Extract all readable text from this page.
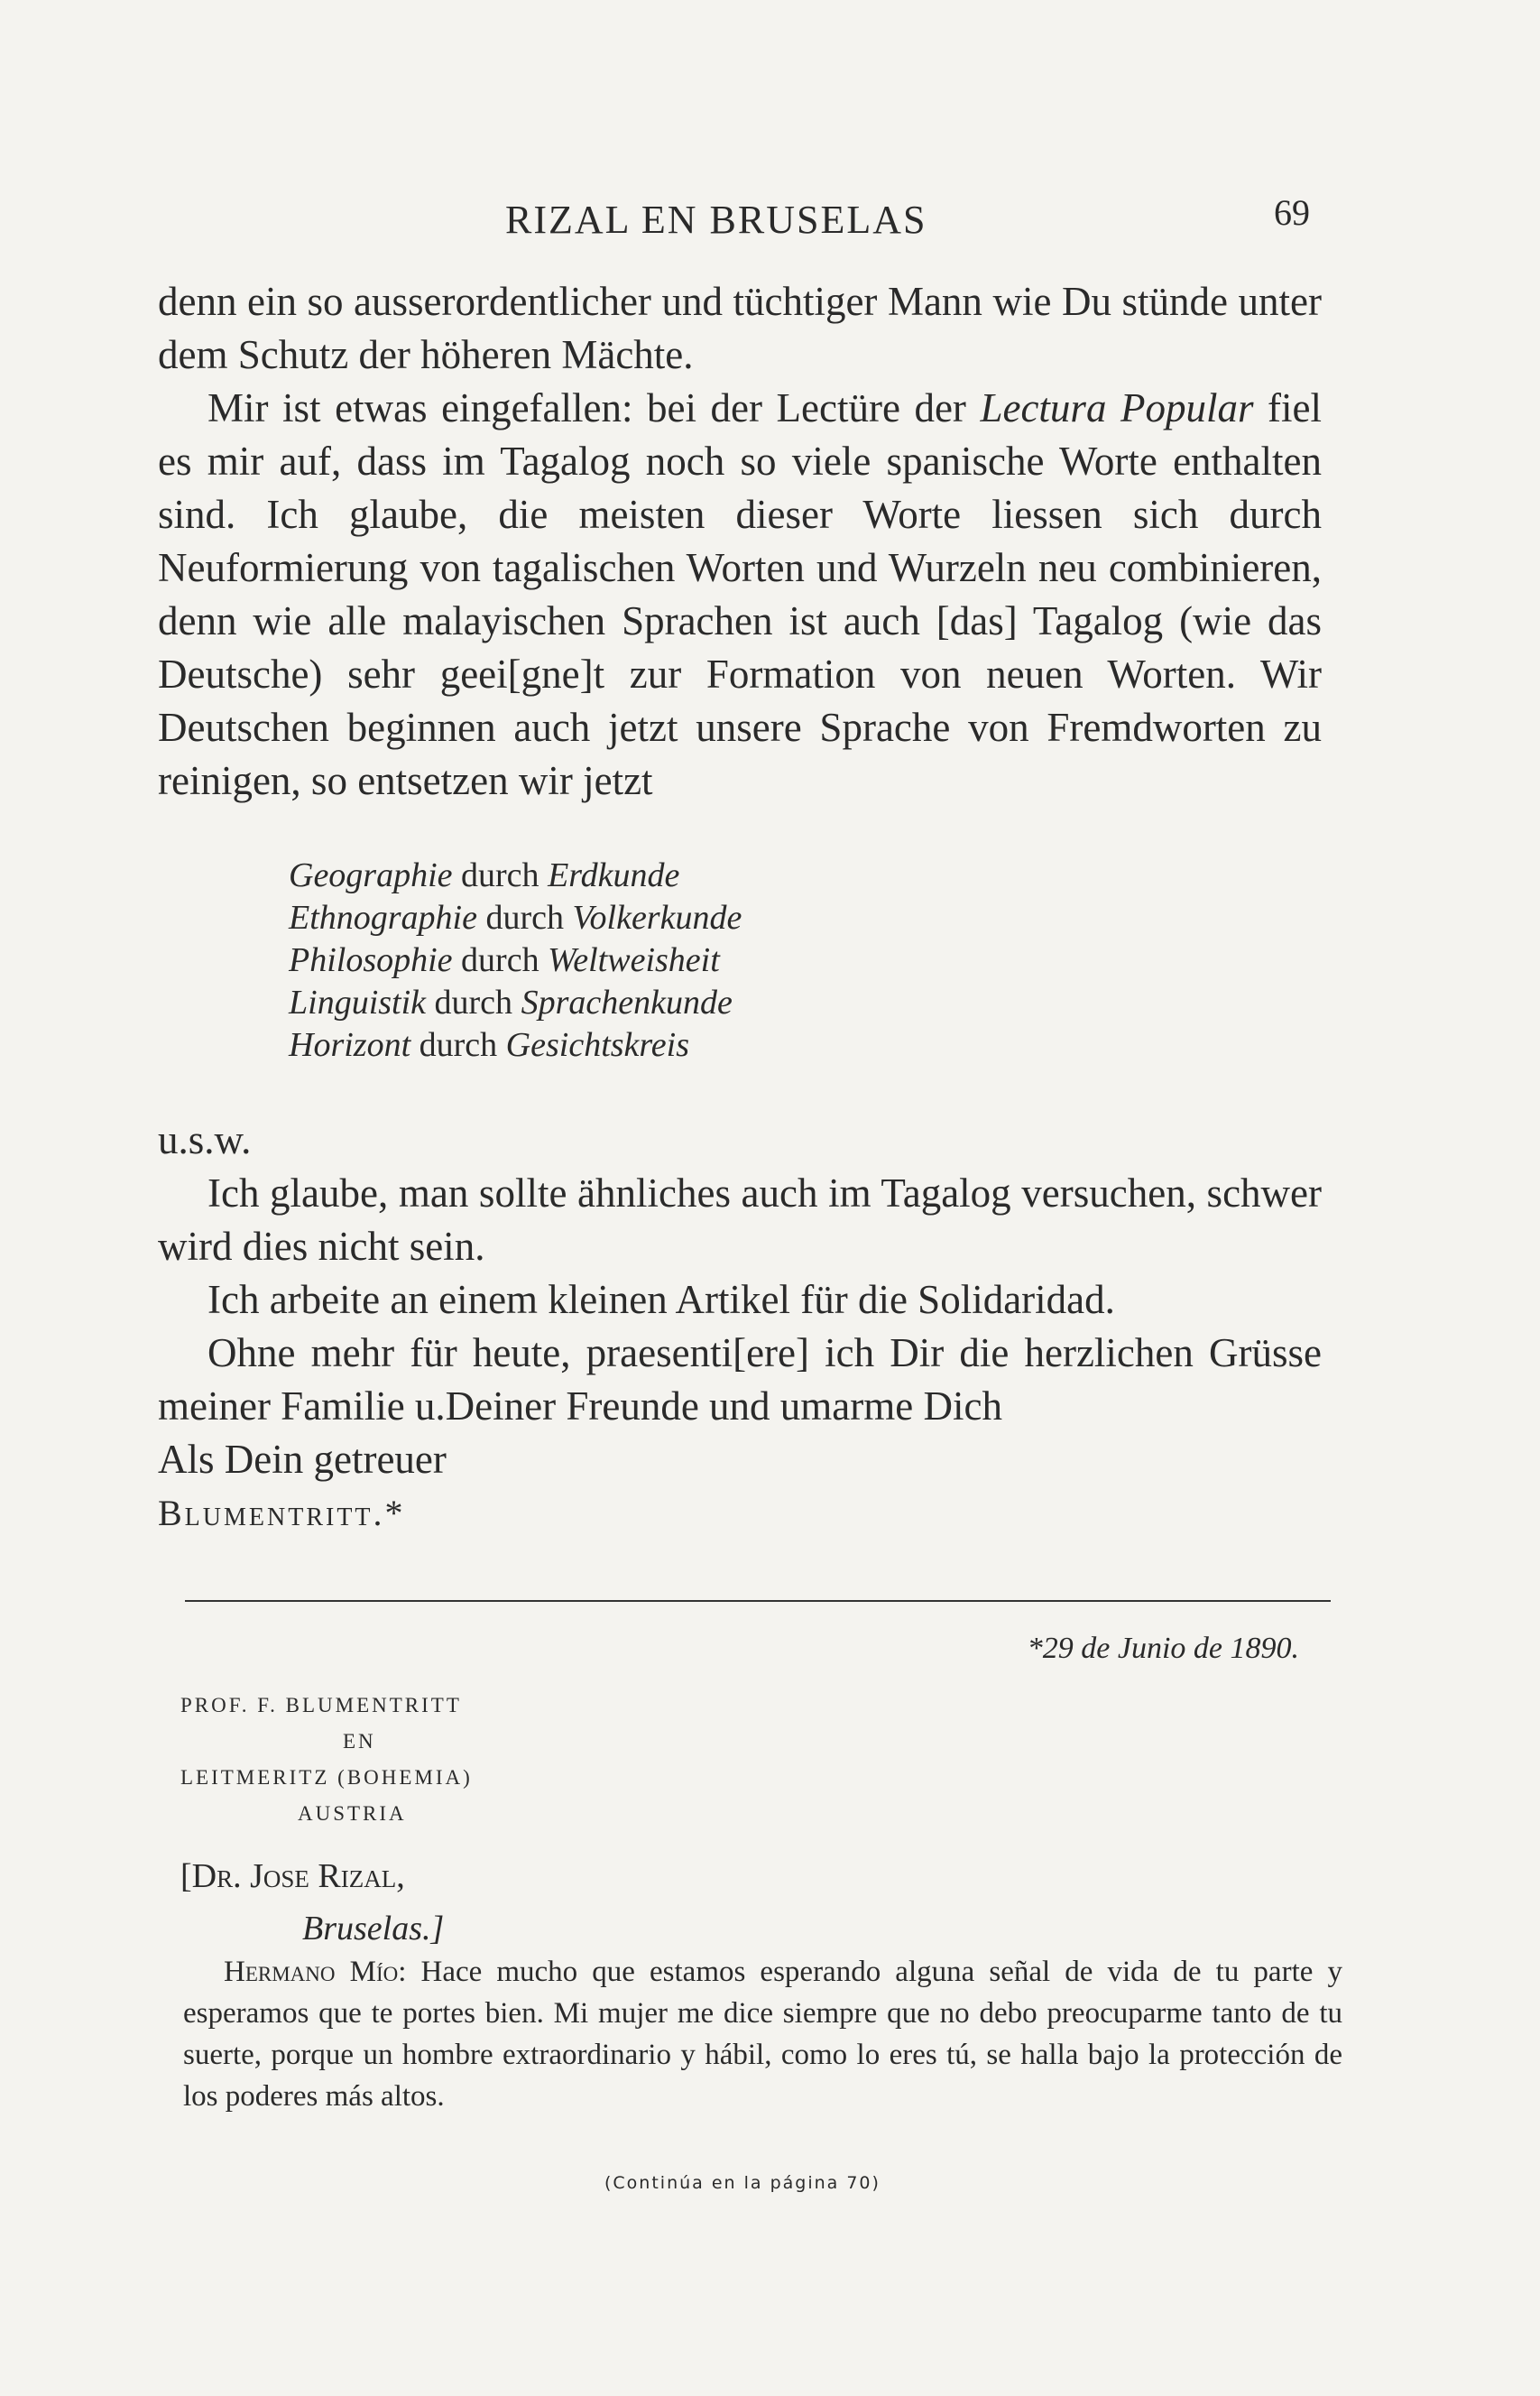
RIZAL EN BRUSELAS	69

denn ein so ausserordentlicher und tüchtiger Mann wie Du stünde unter dem Schutz der höheren Mächte.

Mir ist etwas eingefallen: bei der Lectüre der Lectura Popular fiel es mir auf, dass im Tagalog noch so viele spanische Worte enthalten sind. Ich glaube, die meisten dieser Worte liessen sich durch Neuformierung von tagalischen Worten und Wurzeln neu combinieren, denn wie alle malayischen Sprachen ist auch [das] Tagalog (wie das Deutsche) sehr geei[gne]t zur Formation von neuen Worten. Wir Deutschen beginnen auch jetzt unsere Sprache von Fremdworten zu reinigen, so entsetzen wir jetzt

Geographie durch Erdkunde
Ethnographie durch Volkerkunde
Philosophie durch Weltweisheit
Linguistik durch Sprachenkunde
Horizont durch Gesichtskreis

u.s.w.

Ich glaube, man sollte ähnliches auch im Tagalog versuchen, schwer wird dies nicht sein.

Ich arbeite an einem kleinen Artikel für die Solidaridad.

Ohne mehr für heute, praesenti[ere] ich Dir die herzlichen Grüsse meiner Familie u.Deiner Freunde und umarme Dich

Als Dein getreuer

Blumentritt.*

*29 de Junio de 1890.
PROF. F. BLUMENTRITT
EN
LEITMERITZ (BOHEMIA)
AUSTRIA
[Dr. Jose Rizal,
Bruselas.]

Hermano Mío: Hace mucho que estamos esperando alguna señal de vida de tu parte y esperamos que te portes bien. Mi mujer me dice siempre que no debo preocuparme tanto de tu suerte, porque un hombre extraordinario y hábil, como lo eres tú, se halla bajo la protección de los poderes más altos.

(Continúa en la página 70)
